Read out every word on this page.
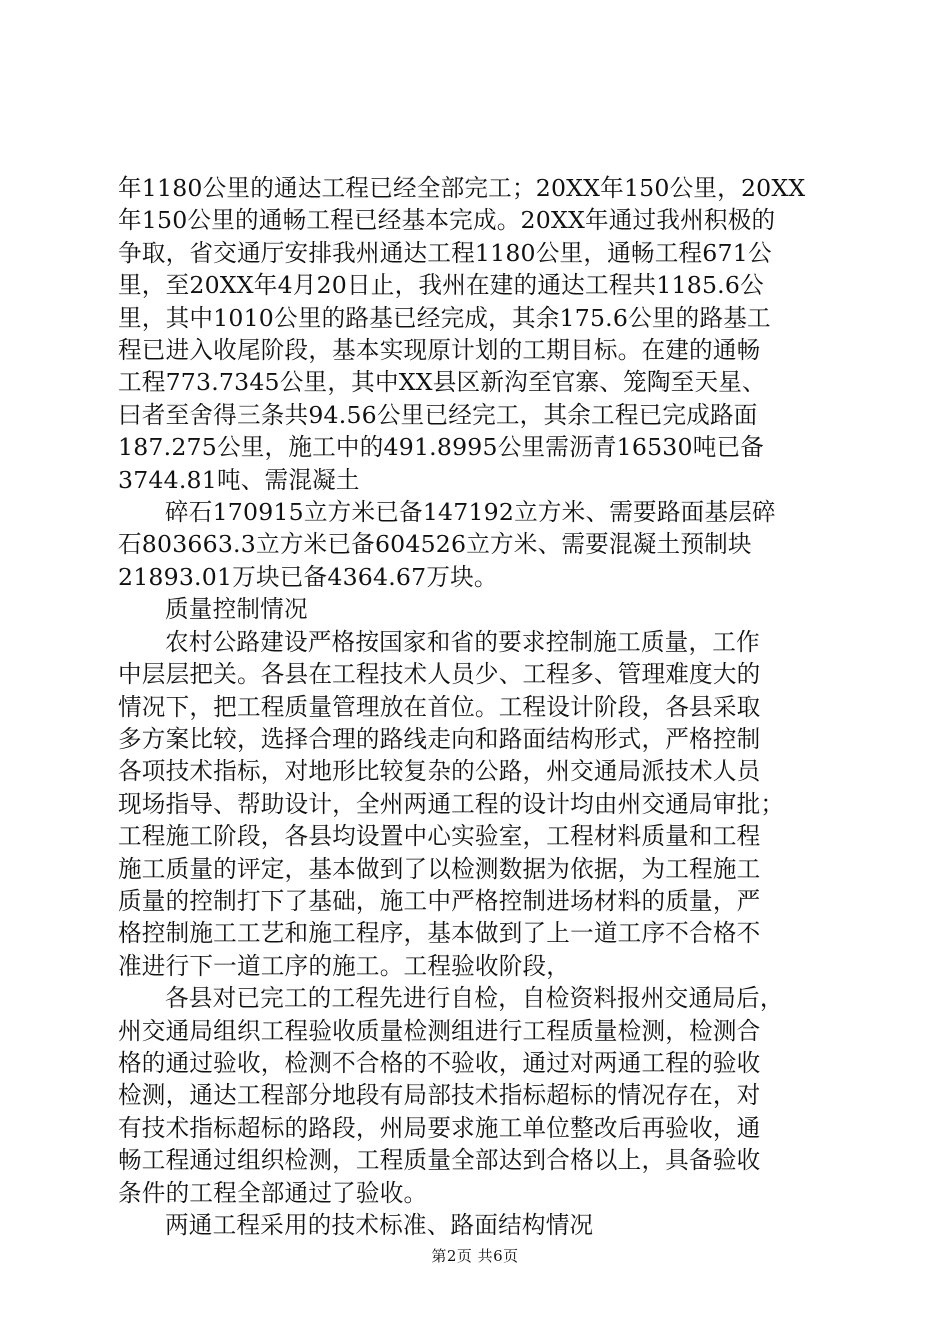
年1180公里的通达工程已经全部完工；20XX年150公里，20XX
年150公里的通畅工程已经基本完成。20XX年通过我州积极的
争取，省交通厅安排我州通达工程1180公里，通畅工程671公
里，至20XX年4月20日止，我州在建的通达工程共1185.6公
里，其中1010公里的路基已经完成，其余175.6公里的路基工
程已进入收尾阶段，基本实现原计划的工期目标。在建的通畅
工程773.7345公里，其中XX县区新沟至官寨、笼陶至天星、
曰者至舍得三条共94.56公里已经完工，其余工程已完成路面
187.275公里，施工中的491.8995公里需沥青16530吨已备
3744.81吨、需混凝土

碎石170915立方米已备147192立方米、需要路面基层碎
石803663.3立方米已备604526立方米、需要混凝土预制块
21893.01万块已备4364.67万块。

质量控制情况

农村公路建设严格按国家和省的要求控制施工质量，工作
中层层把关。各县在工程技术人员少、工程多、管理难度大的
情况下，把工程质量管理放在首位。工程设计阶段，各县采取
多方案比较，选择合理的路线走向和路面结构形式，严格控制
各项技术指标，对地形比较复杂的公路，州交通局派技术人员
现场指导、帮助设计，全州两通工程的设计均由州交通局审批；
工程施工阶段，各县均设置中心实验室，工程材料质量和工程
施工质量的评定，基本做到了以检测数据为依据，为工程施工
质量的控制打下了基础，施工中严格控制进场材料的质量，严
格控制施工工艺和施工程序，基本做到了上一道工序不合格不
准进行下一道工序的施工。工程验收阶段，

各县对已完工的工程先进行自检，自检资料报州交通局后，
州交通局组织工程验收质量检测组进行工程质量检测，检测合
格的通过验收，检测不合格的不验收，通过对两通工程的验收
检测，通达工程部分地段有局部技术指标超标的情况存在，对
有技术指标超标的路段，州局要求施工单位整改后再验收，通
畅工程通过组织检测，工程质量全部达到合格以上，具备验收
条件的工程全部通过了验收。

两通工程采用的技术标准、路面结构情况

第2页 共6页
